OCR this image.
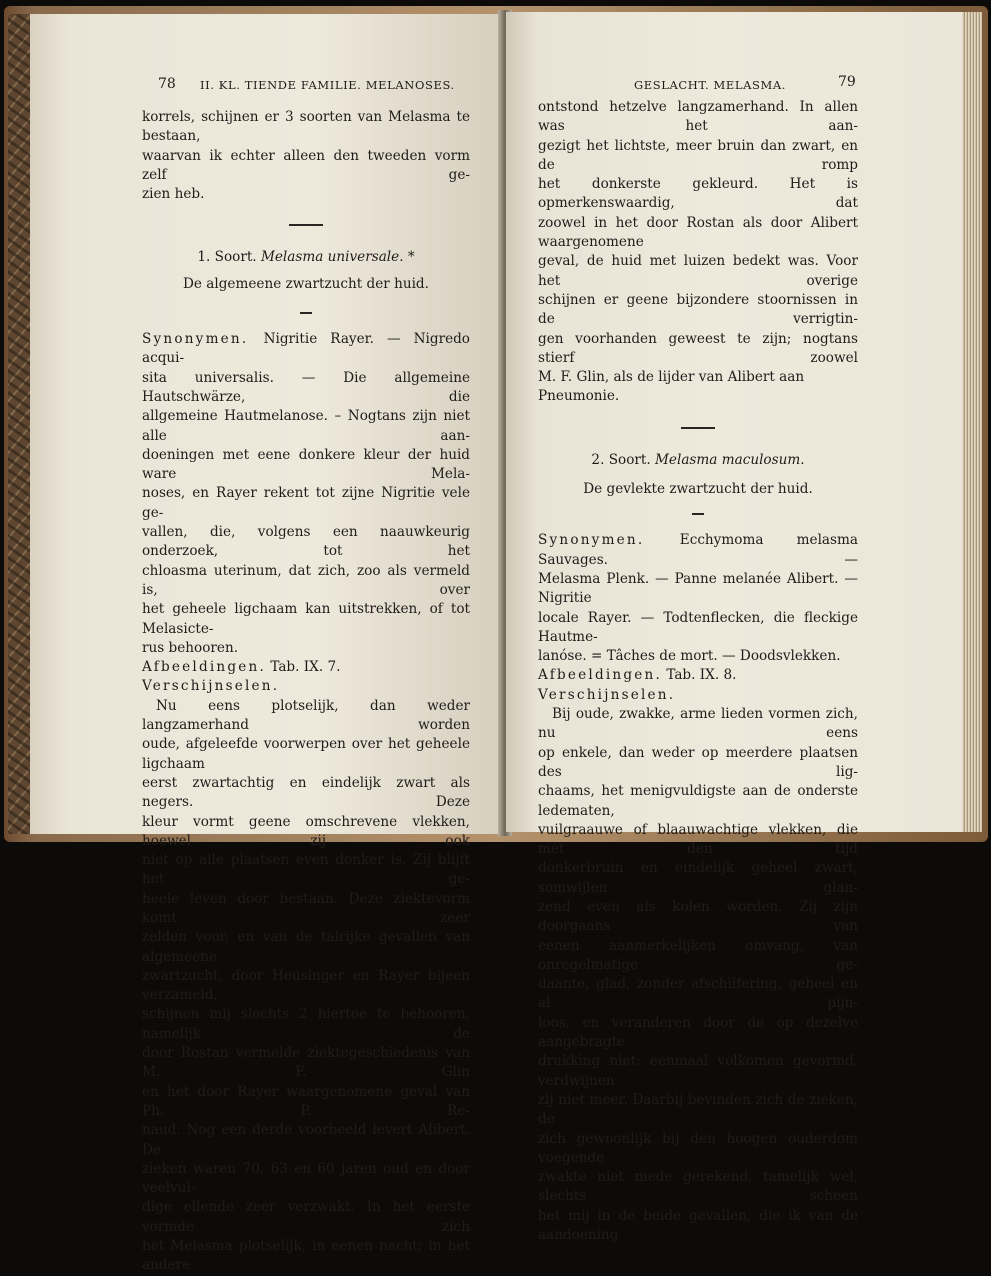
78 II. KL. TIENDE FAMILIE. MELANOSES.
korrels, schijnen er 3 soorten van Melasma te bestaan,
waarvan ik echter alleen den tweeden vorm zelf ge-
zien heb.

1. Soort. Melasma universale. *

De algemeene zwartzucht der huid.

Synonymen. Nigritie Rayer. — Nigredo acqui-
sita universalis. — Die allgemeine Hautschwärze, die
allgemeine Hautmelanose. – Nogtans zijn niet alle aan-
doeningen met eene donkere kleur der huid ware Mela-
noses, en Rayer rekent tot zijne Nigritie vele ge-
vallen, die, volgens een naauwkeurig onderzoek, tot het
chloasma uterinum, dat zich, zoo als vermeld is, over
het geheele ligchaam kan uitstrekken, of tot Melasicte-
rus behooren.

Afbeeldingen. Tab. IX. 7.

Verschijnselen.

Nu eens plotselijk, dan weder langzamerhand worden
oude, afgeleefde voorwerpen over het geheele ligchaam
eerst zwartachtig en eindelijk zwart als negers. Deze
kleur vormt geene omschrevene vlekken, hoewel zij ook
niet op alle plaatsen even donker is. Zij blijft het ge-
heele leven door bestaan. Deze ziektevorm komt zeer
zelden voor, en van de talrijke gevallen van algemeene
zwartzucht, door Heusinger en Rayer bijeen verzameld,
schijnen mij slechts 2 hiertoe te behooren, namelijk de
door Rostan vermelde ziektegeschiedenis van M. F. Glin
en het door Rayer waargenomene geval van Ph. P. Re-
naud. Nog een derde voorbeeld levert Alibert. De
zieken waren 70, 63 en 60 jaren oud en door veelvul-
dige ellende zeer verzwakt. In het eerste vormde zich
het Melasma plotselijk, in eenen nacht; in het andere
GESLACHT. MELASMA.	79
ontstond hetzelve langzamerhand. In allen was het aan-
gezigt het lichtste, meer bruin dan zwart, en de romp
het donkerste gekleurd. Het is opmerkenswaardig, dat
zoowel in het door Rostan als door Alibert waargenomene
geval, de huid met luizen bedekt was. Voor het overige
schijnen er geene bijzondere stoornissen in de verrigtin-
gen voorhanden geweest te zijn; nogtans stierf zoowel
M. F. Glin, als de lijder van Alibert aan Pneumonie.

2. Soort. Melasma maculosum.

De gevlekte zwartzucht der huid.

Synonymen. Ecchymoma melasma Sauvages. —
Melasma Plenk. — Panne melanée Alibert. — Nigritie
locale Rayer. — Todtenflecken, die fleckige Hautme-
lanóse. = Tâches de mort. — Doodsvlekken.

Afbeeldingen. Tab. IX. 8.

Verschijnselen.

Bij oude, zwakke, arme lieden vormen zich, nu eens
op enkele, dan weder op meerdere plaatsen des lig-
chaams, het menigvuldigste aan de onderste ledematen,
vuilgraauwe of blaauwachtige vlekken, die met den tijd
donkerbruin en eindelijk geheel zwart, somwijlen glan-
zend even als kolen worden. Zij zijn doorgaans van
eenen aanmerkelijken omvang, van onregelmatige ge-
daante, glad, zonder afschilfering, geheel en al pijn-
loos, en veranderen door de op dezelve aangebragte
drukking niet; eenmaal volkomen gevormd, verdwijnen
zij niet meer. Daarbij bevinden zich de zieken, de
zich gewoonlijk bij den hoogen ouderdom voegende
zwakte niet mede gerekend, tamelijk wel, slechts scheen
het mij in de beide gevallen, die ik van de aandoening
